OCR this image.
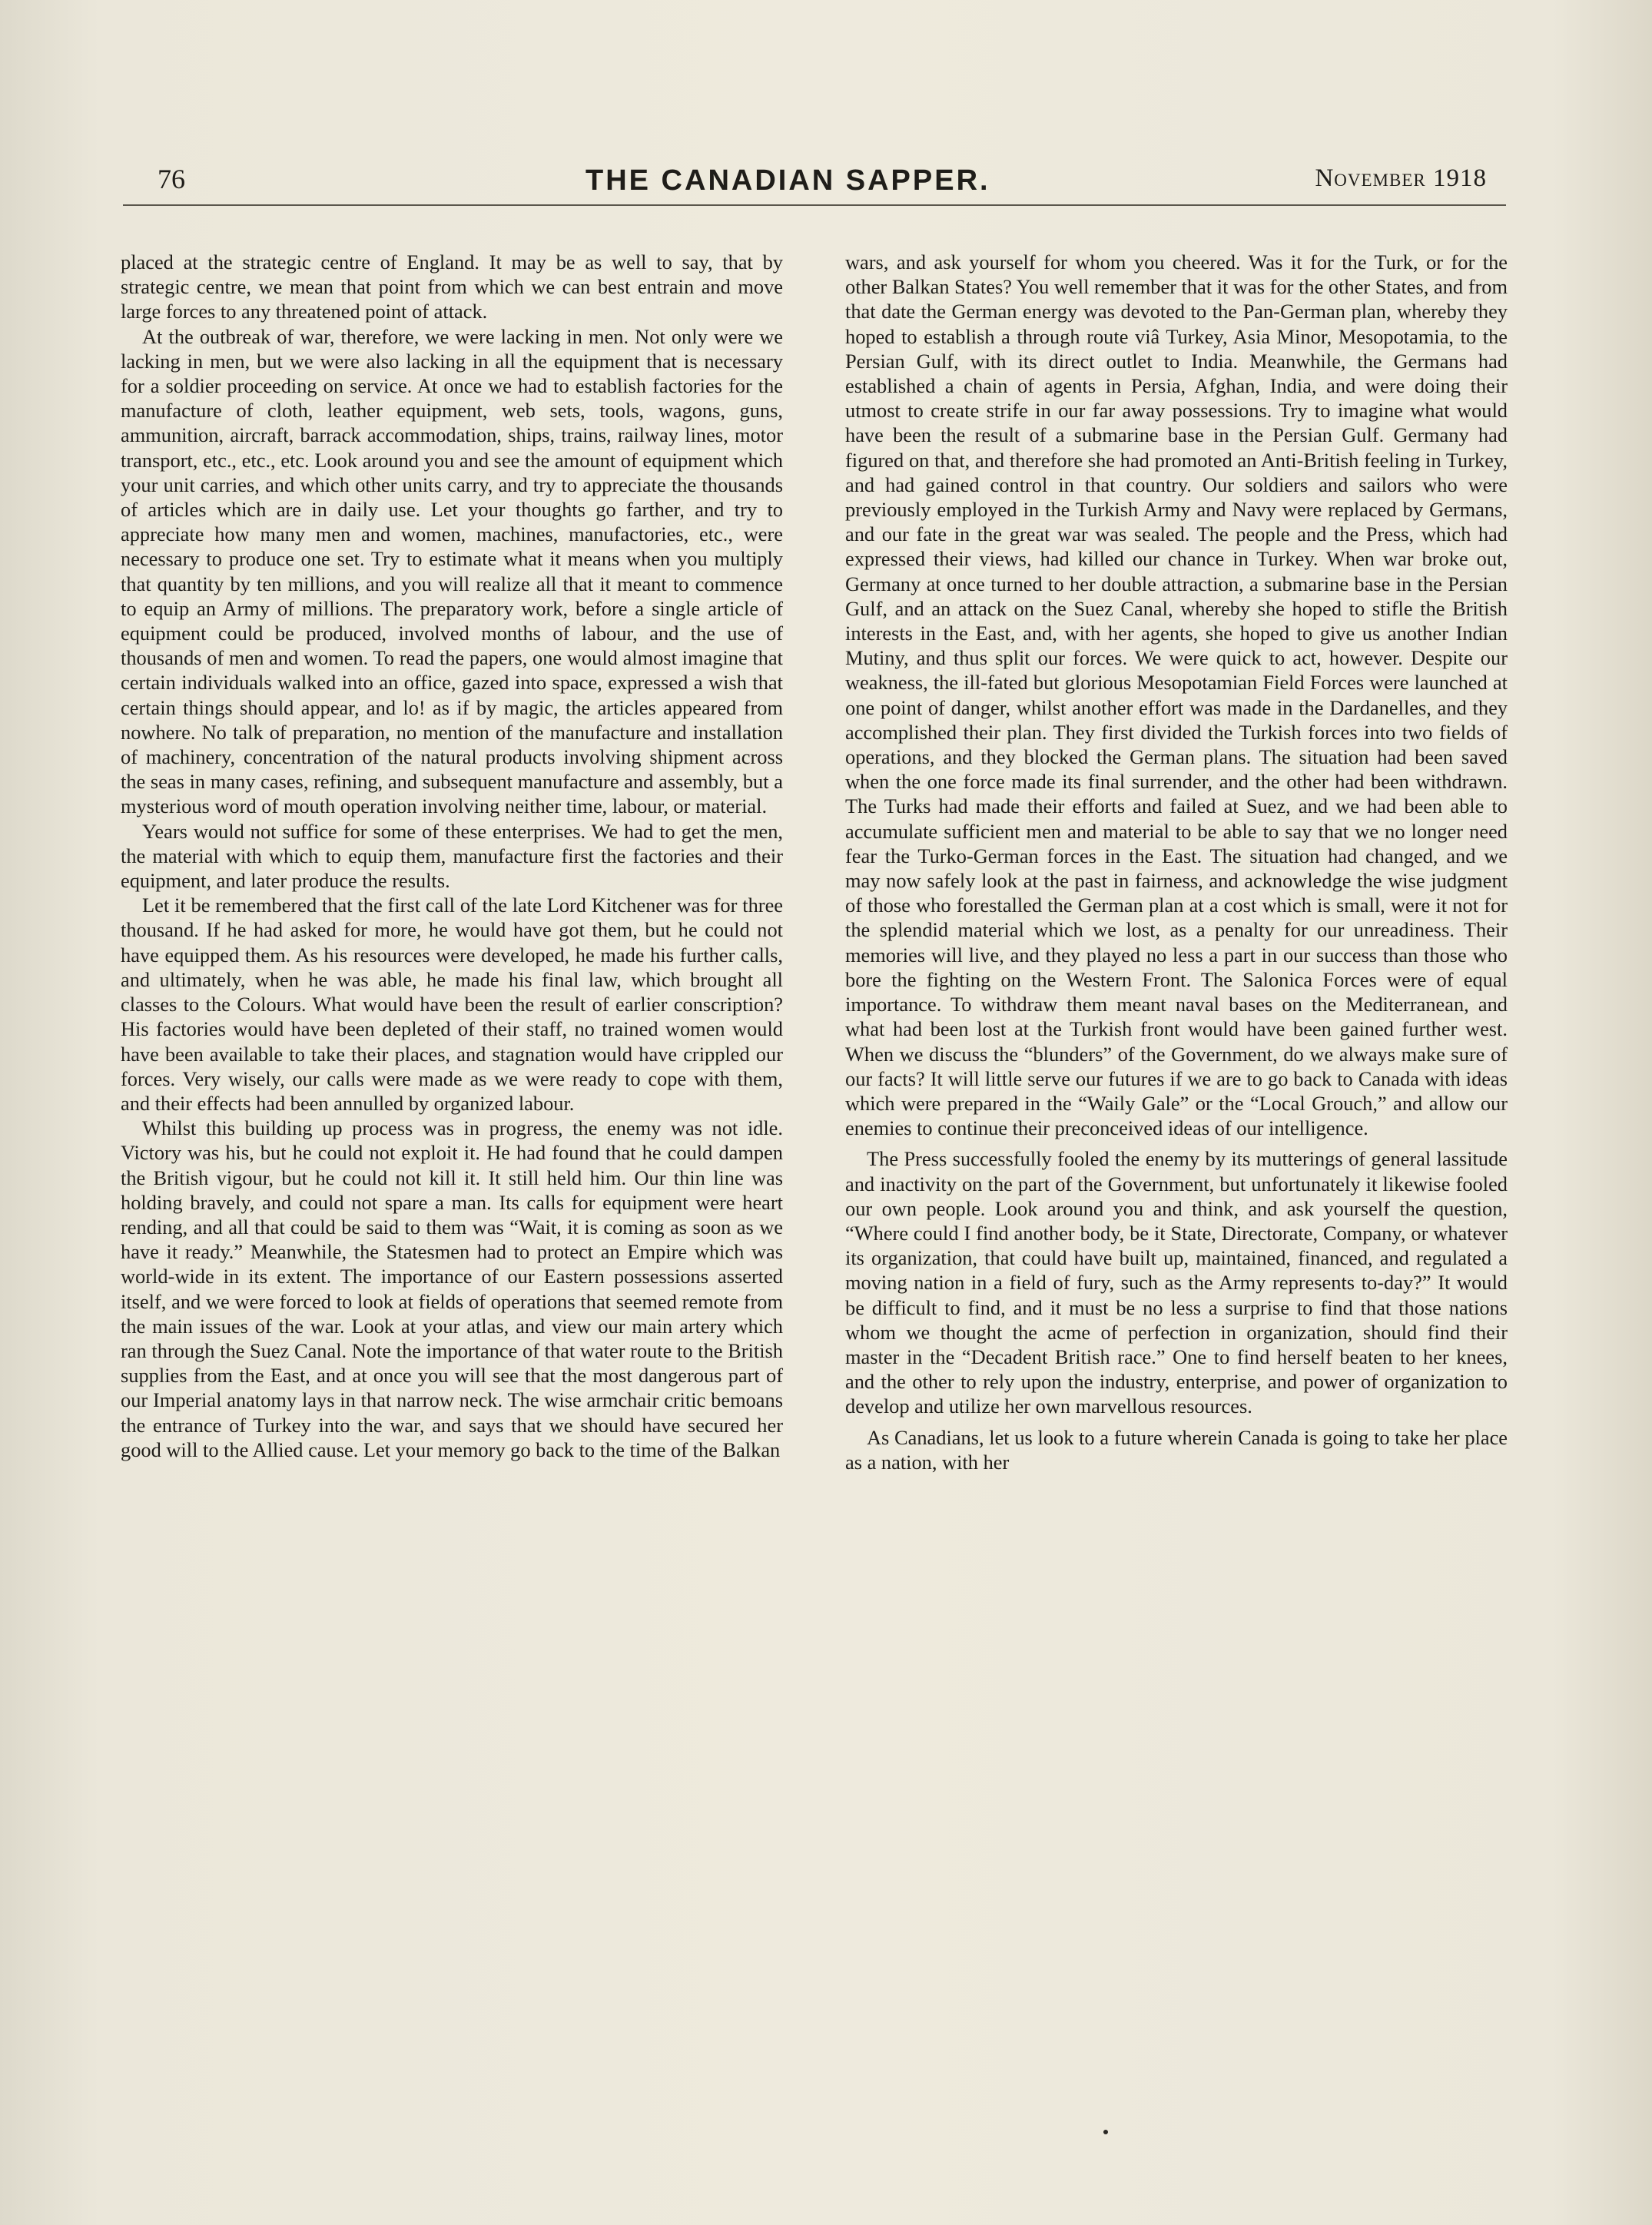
76	THE CANADIAN SAPPER.	November 1918

placed at the strategic centre of England. It may be as well to say, that by strategic centre, we mean that point from which we can best entrain and move large forces to any threatened point of attack.

At the outbreak of war, therefore, we were lacking in men. Not only were we lacking in men, but we were also lacking in all the equipment that is necessary for a soldier proceeding on service. At once we had to establish factories for the manufacture of cloth, leather equipment, web sets, tools, wagons, guns, ammunition, aircraft, barrack accommodation, ships, trains, railway lines, motor transport, etc., etc., etc. Look around you and see the amount of equipment which your unit carries, and which other units carry, and try to appreciate the thousands of articles which are in daily use. Let your thoughts go farther, and try to appreciate how many men and women, machines, manufactories, etc., were necessary to produce one set. Try to estimate what it means when you multiply that quantity by ten millions, and you will realize all that it meant to commence to equip an Army of millions. The preparatory work, before a single article of equipment could be produced, involved months of labour, and the use of thousands of men and women. To read the papers, one would almost imagine that certain individuals walked into an office, gazed into space, expressed a wish that certain things should appear, and lo! as if by magic, the articles appeared from nowhere. No talk of preparation, no mention of the manufacture and installation of machinery, concentration of the natural products involving shipment across the seas in many cases, refining, and subsequent manufacture and assembly, but a mysterious word of mouth operation involving neither time, labour, or material.

Years would not suffice for some of these enterprises. We had to get the men, the material with which to equip them, manufacture first the factories and their equipment, and later produce the results.

Let it be remembered that the first call of the late Lord Kitchener was for three thousand. If he had asked for more, he would have got them, but he could not have equipped them. As his resources were developed, he made his further calls, and ultimately, when he was able, he made his final law, which brought all classes to the Colours. What would have been the result of earlier conscription? His factories would have been depleted of their staff, no trained women would have been available to take their places, and stagnation would have crippled our forces. Very wisely, our calls were made as we were ready to cope with them, and their effects had been annulled by organized labour.

Whilst this building up process was in progress, the enemy was not idle. Victory was his, but he could not exploit it. He had found that he could dampen the British vigour, but he could not kill it. It still held him. Our thin line was holding bravely, and could not spare a man. Its calls for equipment were heart rending, and all that could be said to them was “Wait, it is coming as soon as we have it ready.” Meanwhile, the Statesmen had to protect an Empire which was world-wide in its extent. The importance of our Eastern possessions asserted itself, and we were forced to look at fields of operations that seemed remote from the main issues of the war. Look at your atlas, and view our main artery which ran through the Suez Canal. Note the importance of that water route to the British supplies from the East, and at once you will see that the most dangerous part of our Imperial anatomy lays in that narrow neck. The wise armchair critic bemoans the entrance of Turkey into the war, and says that we should have secured her good will to the Allied cause. Let your memory go back to the time of the Balkan

wars, and ask yourself for whom you cheered. Was it for the Turk, or for the other Balkan States? You well remember that it was for the other States, and from that date the German energy was devoted to the Pan-German plan, whereby they hoped to establish a through route viâ Turkey, Asia Minor, Mesopotamia, to the Persian Gulf, with its direct outlet to India. Meanwhile, the Germans had established a chain of agents in Persia, Afghan, India, and were doing their utmost to create strife in our far away possessions. Try to imagine what would have been the result of a submarine base in the Persian Gulf. Germany had figured on that, and therefore she had promoted an Anti-British feeling in Turkey, and had gained control in that country. Our soldiers and sailors who were previously employed in the Turkish Army and Navy were replaced by Germans, and our fate in the great war was sealed. The people and the Press, which had expressed their views, had killed our chance in Turkey. When war broke out, Germany at once turned to her double attraction, a submarine base in the Persian Gulf, and an attack on the Suez Canal, whereby she hoped to stifle the British interests in the East, and, with her agents, she hoped to give us another Indian Mutiny, and thus split our forces. We were quick to act, however. Despite our weakness, the ill-fated but glorious Mesopotamian Field Forces were launched at one point of danger, whilst another effort was made in the Dardanelles, and they accomplished their plan. They first divided the Turkish forces into two fields of operations, and they blocked the German plans. The situation had been saved when the one force made its final surrender, and the other had been withdrawn. The Turks had made their efforts and failed at Suez, and we had been able to accumulate sufficient men and material to be able to say that we no longer need fear the Turko-German forces in the East. The situation had changed, and we may now safely look at the past in fairness, and acknowledge the wise judgment of those who forestalled the German plan at a cost which is small, were it not for the splendid material which we lost, as a penalty for our unreadiness. Their memories will live, and they played no less a part in our success than those who bore the fighting on the Western Front. The Salonica Forces were of equal importance. To withdraw them meant naval bases on the Mediterranean, and what had been lost at the Turkish front would have been gained further west. When we discuss the “blunders” of the Government, do we always make sure of our facts? It will little serve our futures if we are to go back to Canada with ideas which were prepared in the “Waily Gale” or the “Local Grouch,” and allow our enemies to continue their preconceived ideas of our intelligence.

The Press successfully fooled the enemy by its mutterings of general lassitude and inactivity on the part of the Government, but unfortunately it likewise fooled our own people. Look around you and think, and ask yourself the question, “Where could I find another body, be it State, Directorate, Company, or whatever its organization, that could have built up, maintained, financed, and regulated a moving nation in a field of fury, such as the Army represents to-day?” It would be difficult to find, and it must be no less a surprise to find that those nations whom we thought the acme of perfection in organization, should find their master in the “Decadent British race.” One to find herself beaten to her knees, and the other to rely upon the industry, enterprise, and power of organization to develop and utilize her own marvellous resources.

As Canadians, let us look to a future wherein Canada is going to take her place as a nation, with her
